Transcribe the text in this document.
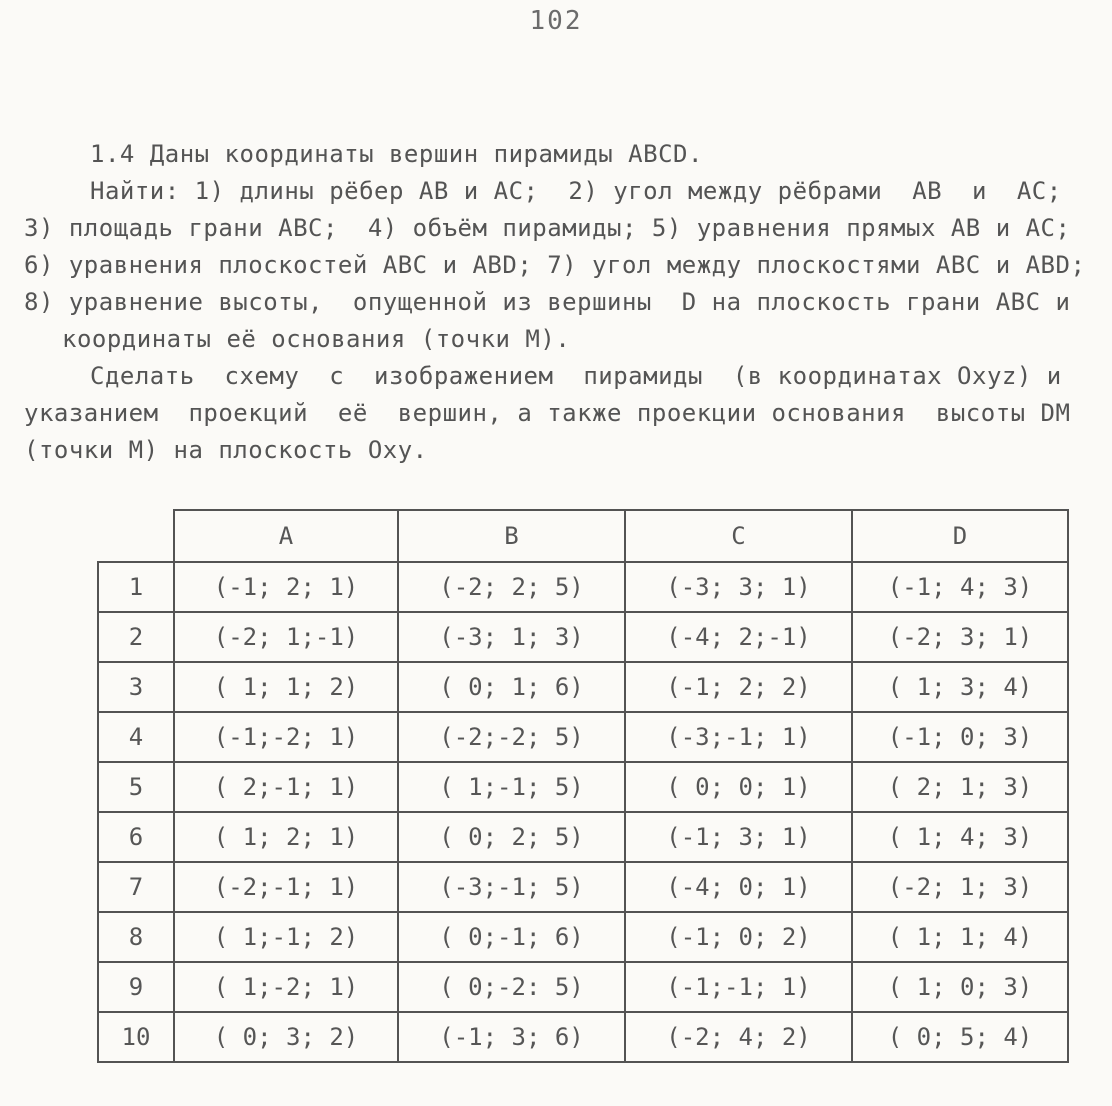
102
1.4 Даны координаты вершин пирамиды ABCD.
Найти: 1) длины рёбер AB и AC;  2) угол между рёбрами  AB  и  AC;
3) площадь грани ABC;  4) объём пирамиды; 5) уравнения прямых AB и AC;
6) уравнения плоскостей ABC и ABD; 7) угол между плоскостями ABC и ABD;
8) уравнение высоты,  опущенной из вершины  D на плоскость грани ABC и
координаты её основания (точки M).
Сделать  схему  с  изображением  пирамиды  (в координатах Oxyz) и
указанием  проекций  её  вершин, а также проекции основания  высоты DM
(точки M) на плоскость Oxy.
	A	B	C	D
1	(-1; 2; 1)	(-2; 2; 5)	(-3; 3; 1)	(-1; 4; 3)
2	(-2; 1;-1)	(-3; 1; 3)	(-4; 2;-1)	(-2; 3; 1)
3	( 1; 1; 2)	( 0; 1; 6)	(-1; 2; 2)	( 1; 3; 4)
4	(-1;-2; 1)	(-2;-2; 5)	(-3;-1; 1)	(-1; 0; 3)
5	( 2;-1; 1)	( 1;-1; 5)	( 0; 0; 1)	( 2; 1; 3)
6	( 1; 2; 1)	( 0; 2; 5)	(-1; 3; 1)	( 1; 4; 3)
7	(-2;-1; 1)	(-3;-1; 5)	(-4; 0; 1)	(-2; 1; 3)
8	( 1;-1; 2)	( 0;-1; 6)	(-1; 0; 2)	( 1; 1; 4)
9	( 1;-2; 1)	( 0;-2: 5)	(-1;-1; 1)	( 1; 0; 3)
10	( 0; 3; 2)	(-1; 3; 6)	(-2; 4; 2)	( 0; 5; 4)
